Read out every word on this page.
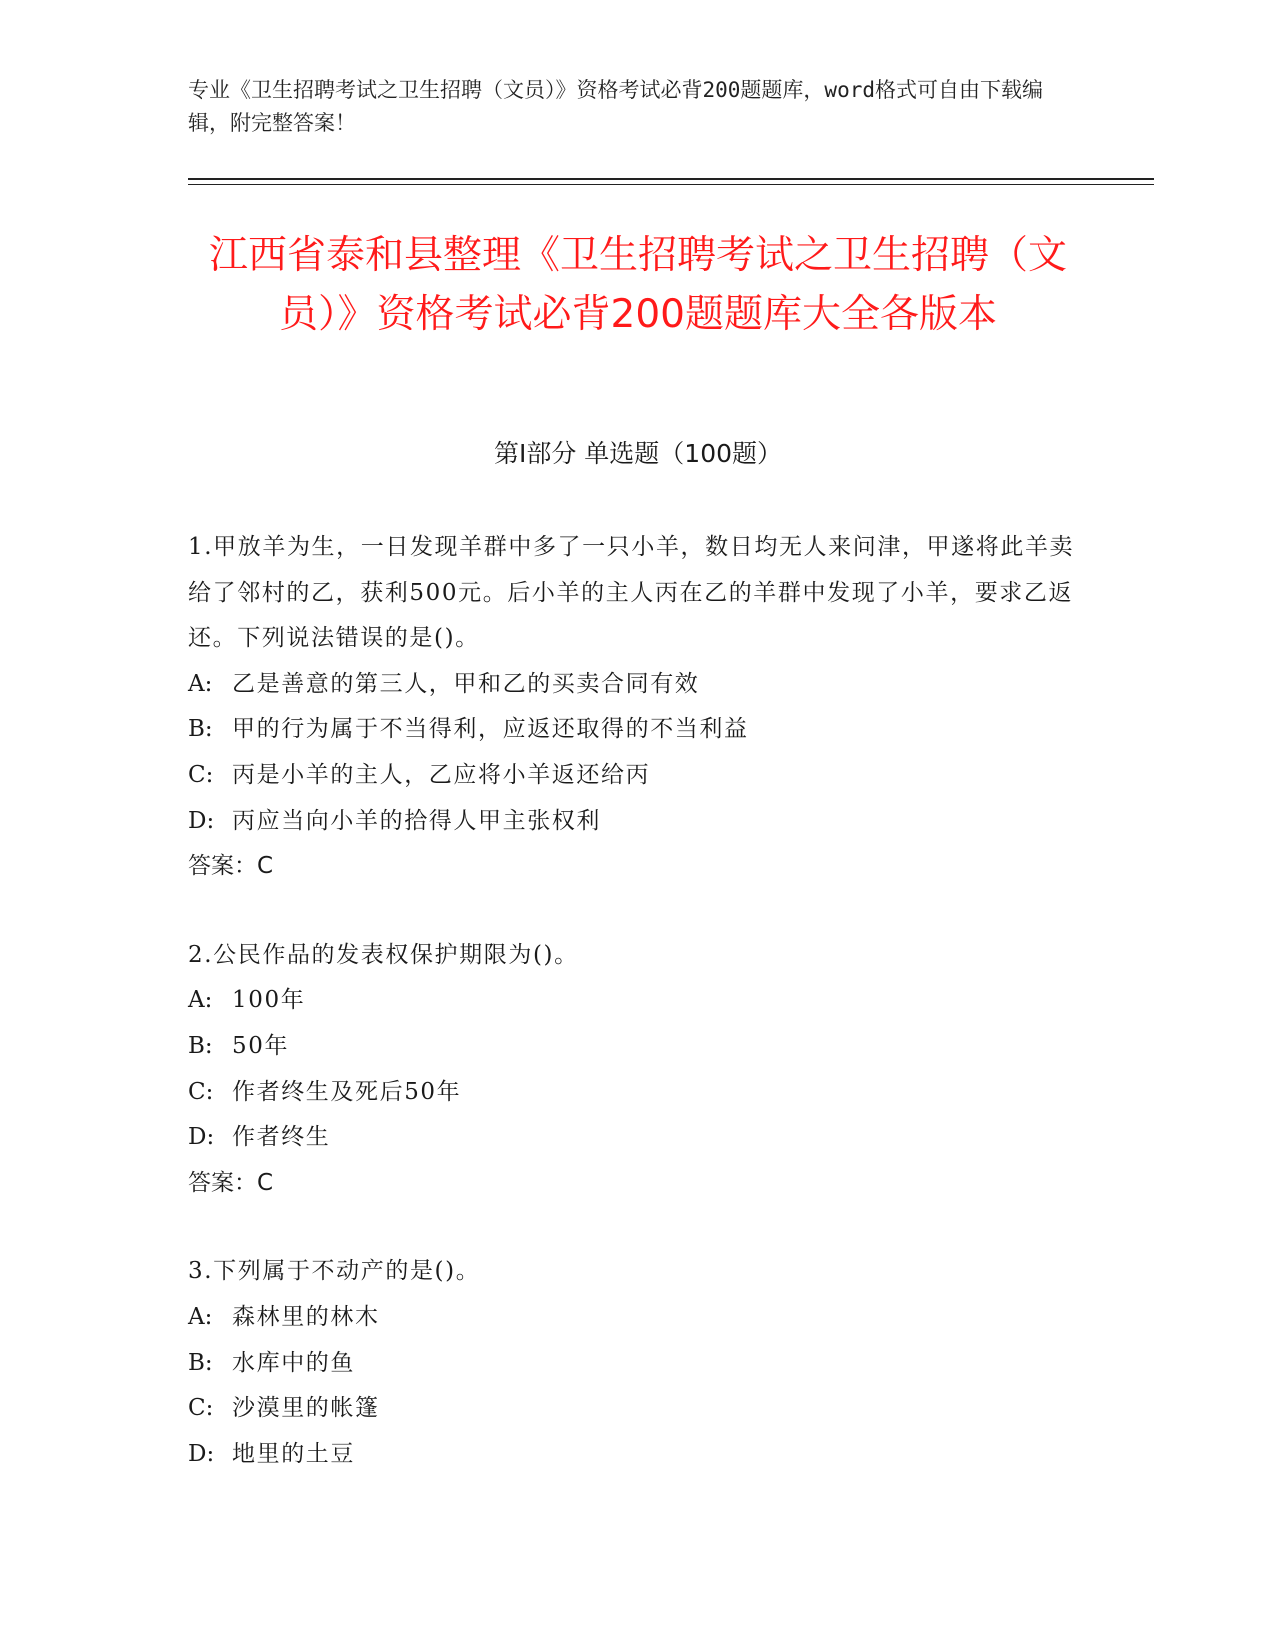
专业《卫生招聘考试之卫生招聘（文员）》资格考试必背200题题库，word格式可自由下载编辑，附完整答案！

江西省泰和县整理《卫生招聘考试之卫生招聘（文员）》资格考试必背200题题库大全各版本
第Ⅰ部分 单选题（100题）

1.甲放羊为生，一日发现羊群中多了一只小羊，数日均无人来问津，甲遂将此羊卖给了邻村的乙，获利500元。后小羊的主人丙在乙的羊群中发现了小羊，要求乙返还。下列说法错误的是()。

A: 乙是善意的第三人，甲和乙的买卖合同有效

B: 甲的行为属于不当得利，应返还取得的不当利益

C: 丙是小羊的主人，乙应将小羊返还给丙

D: 丙应当向小羊的拾得人甲主张权利

答案：C

2.公民作品的发表权保护期限为()。

A: 100年

B: 50年

C: 作者终生及死后50年

D: 作者终生

答案：C

3.下列属于不动产的是()。

A: 森林里的林木

B: 水库中的鱼

C: 沙漠里的帐篷

D: 地里的土豆
